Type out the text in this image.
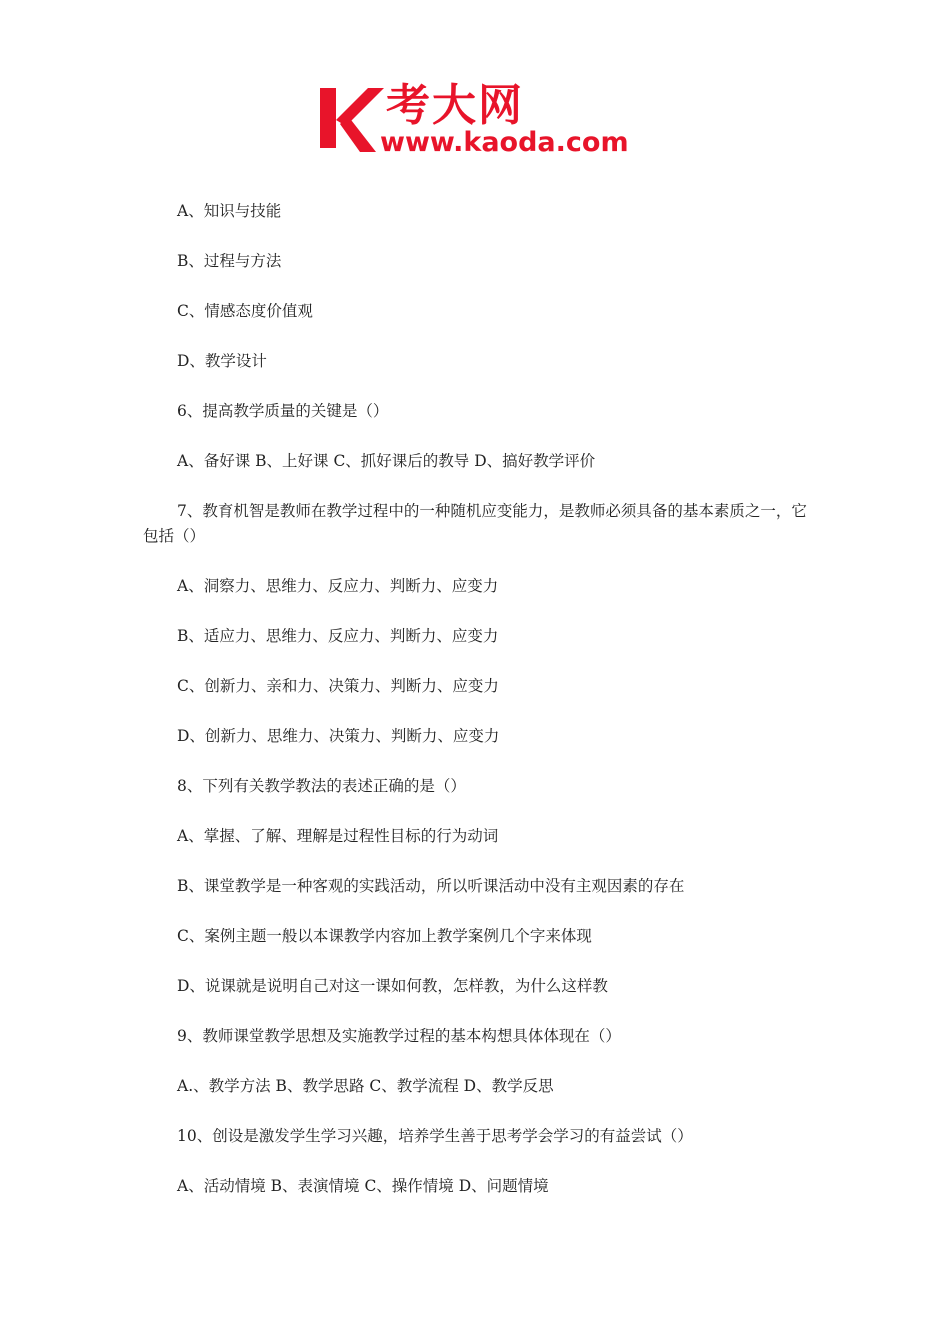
考大网
www.kaoda.com

A、知识与技能

B、过程与方法

C、情感态度价值观

D、教学设计

6、提高教学质量的关键是（）

A、备好课 B、上好课 C、抓好课后的教导 D、搞好教学评价

7、教育机智是教师在教学过程中的一种随机应变能力，是教师必须具备的基本素质之一，它包括（）

A、洞察力、思维力、反应力、判断力、应变力

B、适应力、思维力、反应力、判断力、应变力

C、创新力、亲和力、决策力、判断力、应变力

D、创新力、思维力、决策力、判断力、应变力

8、下列有关教学教法的表述正确的是（）

A、掌握、了解、理解是过程性目标的行为动词

B、课堂教学是一种客观的实践活动，所以听课活动中没有主观因素的存在

C、案例主题一般以本课教学内容加上教学案例几个字来体现

D、说课就是说明自己对这一课如何教，怎样教，为什么这样教

9、教师课堂教学思想及实施教学过程的基本构想具体体现在（）

A.、教学方法 B、教学思路 C、教学流程 D、教学反思

10、创设是激发学生学习兴趣，培养学生善于思考学会学习的有益尝试（）

A、活动情境 B、表演情境 C、操作情境 D、问题情境
